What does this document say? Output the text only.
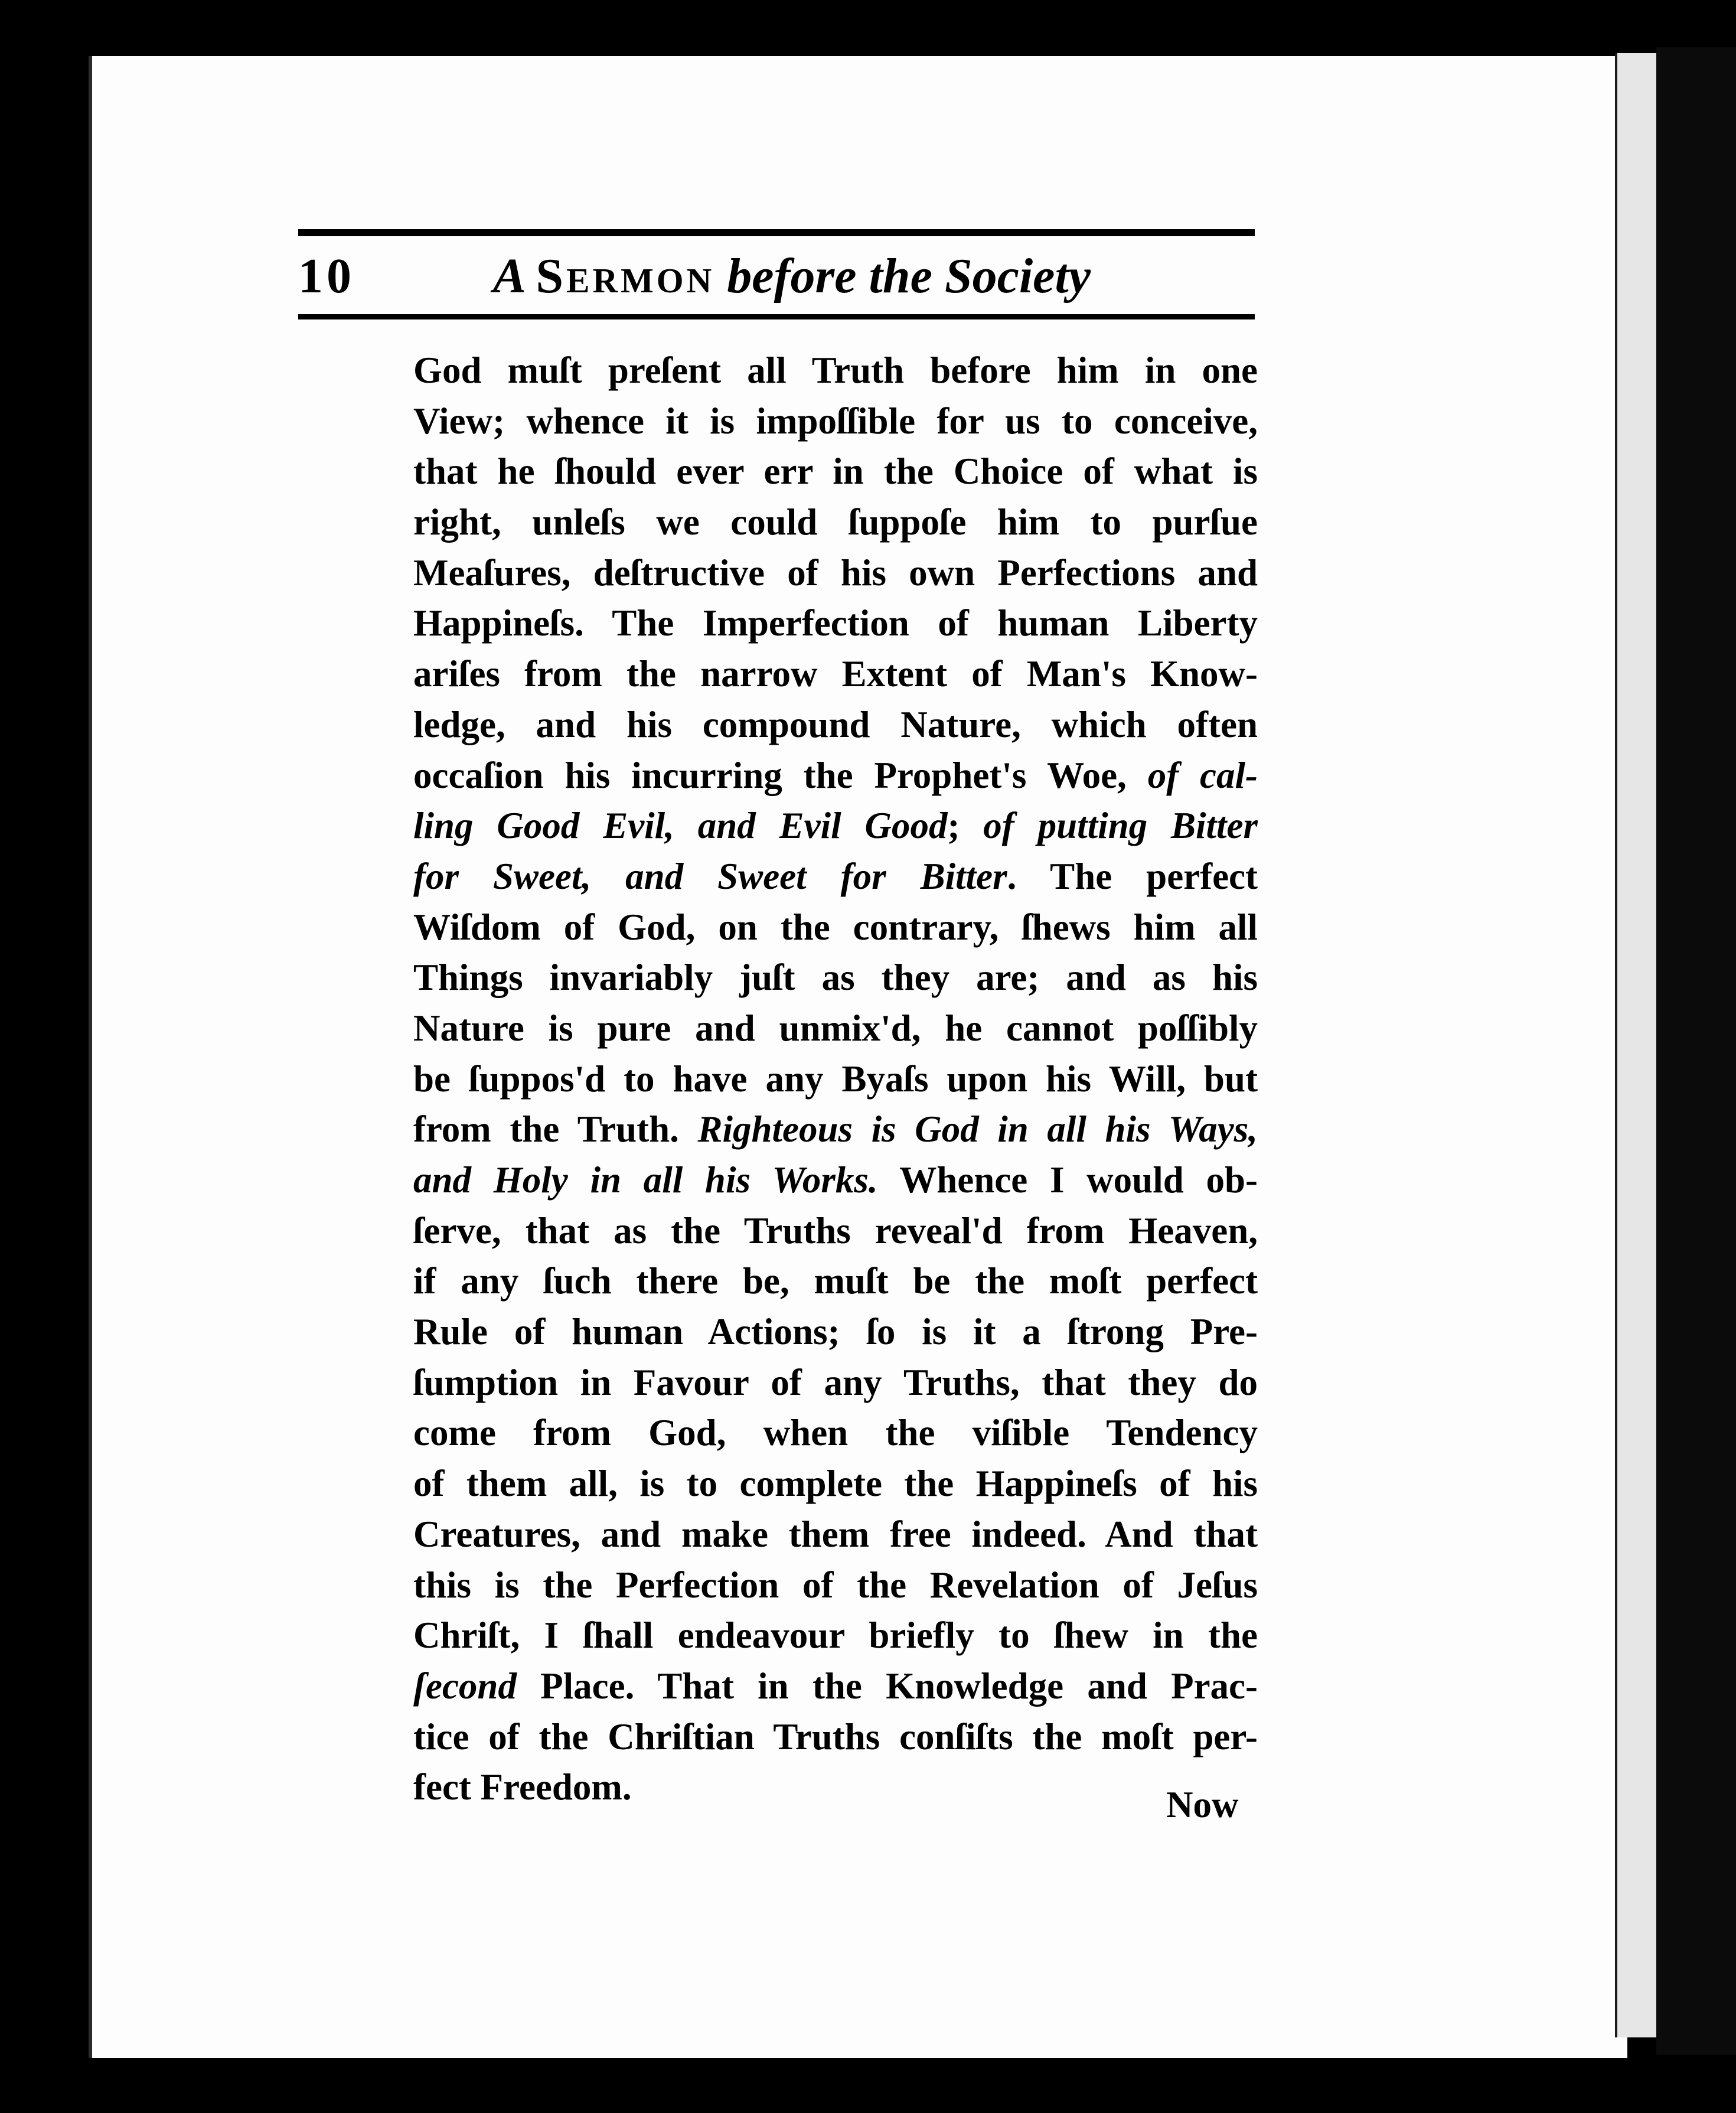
10	A Sermon before the Society
God muſt preſent all Truth before him in one
View; whence it is impoſſible for us to conceive,
that he ſhould ever err in the Choice of what is
right, unleſs we could ſuppoſe him to purſue
Meaſures, deſtructive of his own Perfections and
Happineſs. The Imperfection of human Liberty
ariſes from the narrow Extent of Man's Know-
ledge, and his compound Nature, which often
occaſion his incurring the Prophet's Woe, of cal-
ling Good Evil, and Evil Good; of putting Bitter
for Sweet, and Sweet for Bitter. The perfect
Wiſdom of God, on the contrary, ſhews him all
Things invariably juſt as they are; and as his
Nature is pure and unmix'd, he cannot poſſibly
be ſuppos'd to have any Byaſs upon his Will, but
from the Truth. Righteous is God in all his Ways,
and Holy in all his Works. Whence I would ob-
ſerve, that as the Truths reveal'd from Heaven,
if any ſuch there be, muſt be the moſt perfect
Rule of human Actions; ſo is it a ſtrong Pre-
ſumption in Favour of any Truths, that they do
come from God, when the viſible Tendency
of them all, is to complete the Happineſs of his
Creatures, and make them free indeed. And that
this is the Perfection of the Revelation of Jeſus
Chriſt, I ſhall endeavour briefly to ſhew in the
ſecond Place. That in the Knowledge and Prac-
tice of the Chriſtian Truths conſiſts the moſt per-
fect Freedom.	Now
